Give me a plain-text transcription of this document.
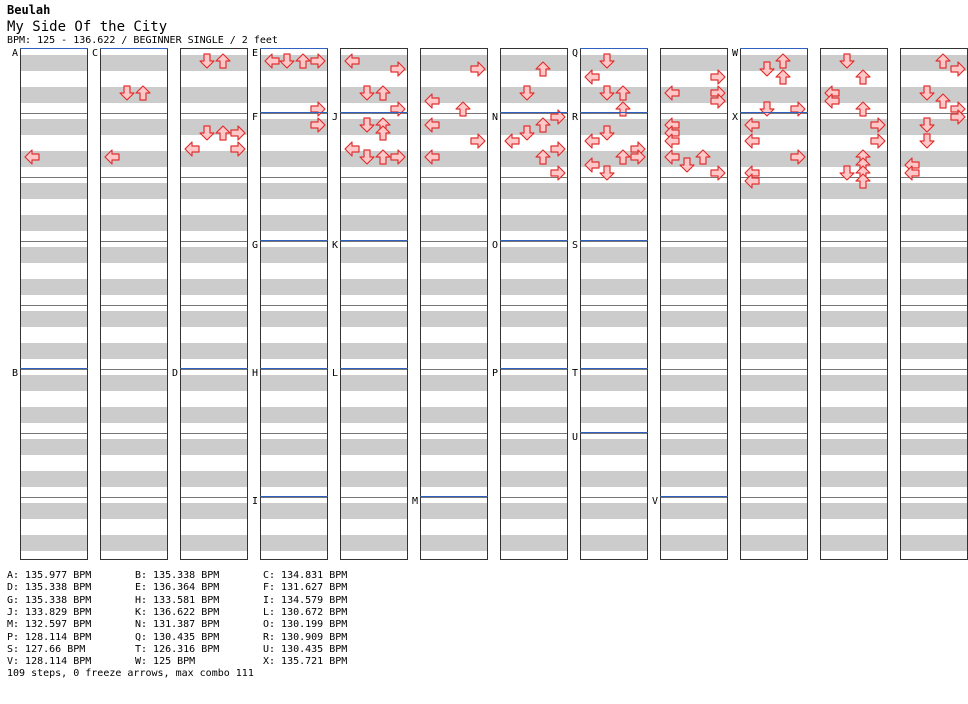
Beulah
My Side Of the City
BPM: 125 - 136.622 / BEGINNER SINGLE / 2 feet
A
B
C
D
E
F
G
H
I
J
K
L
M
N
O
P
Q
R
S
T
U
V
W
X
A: 135.977 BPM	B: 135.338 BPM	C: 134.831 BPM
D: 135.338 BPM	E: 136.364 BPM	F: 131.627 BPM
G: 135.338 BPM	H: 133.581 BPM	I: 134.579 BPM
J: 133.829 BPM	K: 136.622 BPM	L: 130.672 BPM
M: 132.597 BPM	N: 131.387 BPM	O: 130.199 BPM
P: 128.114 BPM	Q: 130.435 BPM	R: 130.909 BPM
S: 127.66 BPM	T: 126.316 BPM	U: 130.435 BPM
V: 128.114 BPM	W: 125 BPM	X: 135.721 BPM
109 steps, 0 freeze arrows, max combo 111
